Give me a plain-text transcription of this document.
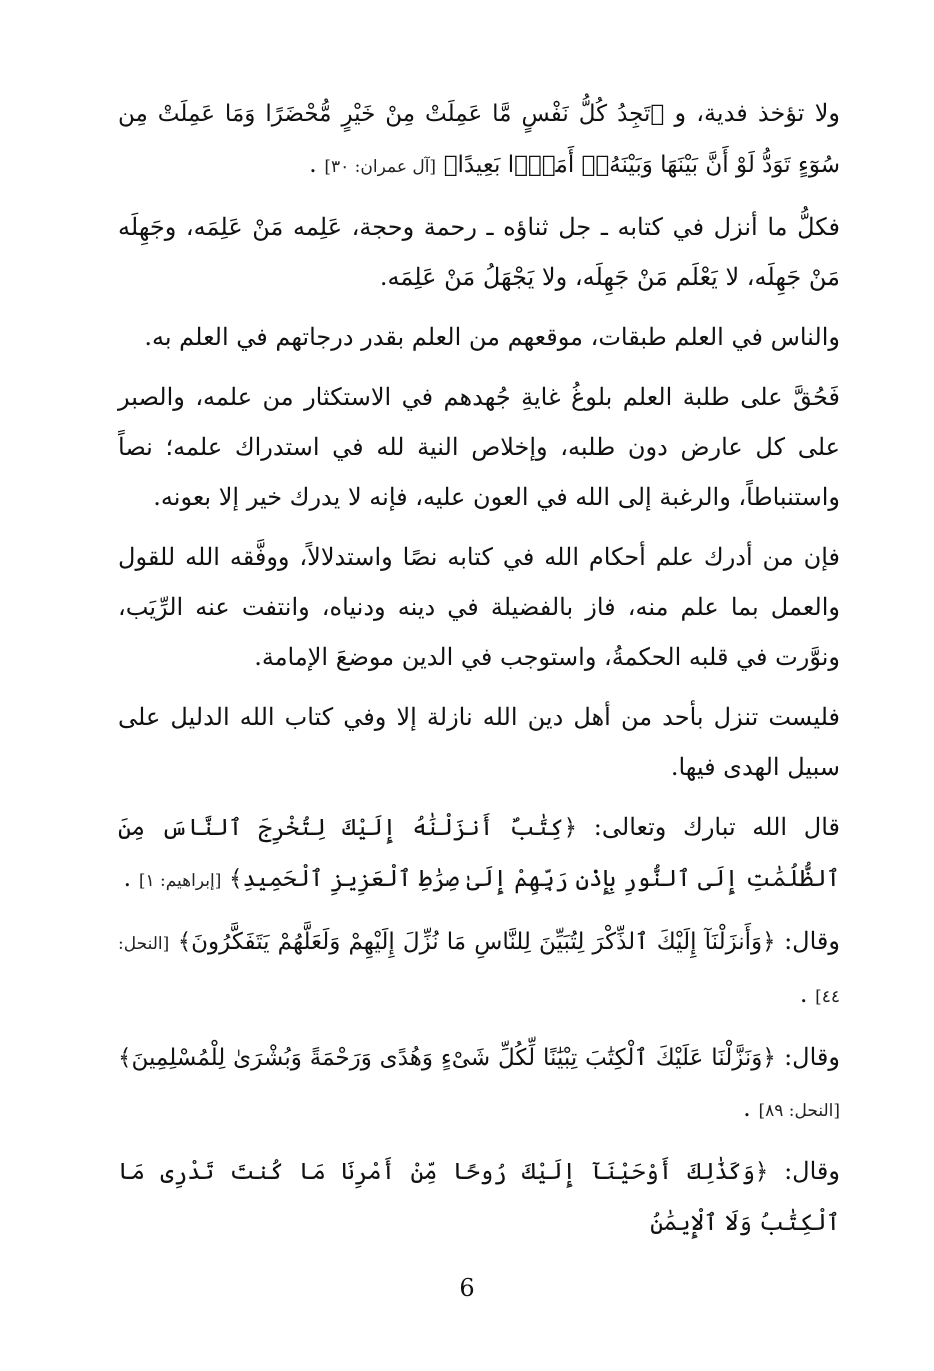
ولا تؤخذ فدية، و ﴿تَجِدُ كُلُّ نَفْسٍ مَّا عَمِلَتْ مِنْ خَيْرٍ مُّحْضَرًا وَمَا عَمِلَتْ مِن سُوٓءٍ تَوَدُّ لَوْ أَنَّ بَيْنَهَا وَبَيْنَهُۥٓ أَمَدًۢا بَعِيدًا﴾ [آل عمران: ٣٠] .

فكلُّ ما أنزل في كتابه ـ جل ثناؤه ـ رحمة وحجة، عَلِمه مَنْ عَلِمَه، وجَهِلَه مَنْ جَهِلَه، لا يَعْلَم مَنْ جَهِلَه، ولا يَجْهَلُ مَنْ عَلِمَه.

والناس في العلم طبقات، موقعهم من العلم بقدر درجاتهم في العلم به.

فَحُقَّ على طلبة العلم بلوغُ غايةِ جُهدهم في الاستكثار من علمه، والصبر على كل عارض دون طلبه، وإخلاص النية لله في استدراك علمه؛ نصاً واستنباطاً، والرغبة إلى الله في العون عليه، فإنه لا يدرك خير إلا بعونه.

فإن من أدرك علم أحكام الله في كتابه نصًا واستدلالاً، ووفَّقه الله للقول والعمل بما علم منه، فاز بالفضيلة في دينه ودنياه، وانتفت عنه الرِّيَب، ونوَّرت في قلبه الحكمةُ، واستوجب في الدين موضعَ الإمامة.

فليست تنزل بأحد من أهل دين الله نازلة إلا وفي كتاب الله الدليل على سبيل الهدى فيها.

قال الله تبارك وتعالى: ﴿كِتَٰبٌ أَنزَلْنَٰهُ إِلَيْكَ لِتُخْرِجَ ٱلنَّاسَ مِنَ ٱلظُّلُمَٰتِ إِلَى ٱلنُّورِ بِإِذْنِ رَبِّهِمْ إِلَىٰ صِرَٰطِ ٱلْعَزِيزِ ٱلْحَمِيدِ﴾ [إبراهيم: ١] .

وقال: ﴿وَأَنزَلْنَآ إِلَيْكَ ٱلذِّكْرَ لِتُبَيِّنَ لِلنَّاسِ مَا نُزِّلَ إِلَيْهِمْ وَلَعَلَّهُمْ يَتَفَكَّرُونَ﴾ [النحل: ٤٤] .

وقال: ﴿وَنَزَّلْنَا عَلَيْكَ ٱلْكِتَٰبَ تِبْيَٰنًا لِّكُلِّ شَىْءٍ وَهُدًى وَرَحْمَةً وَبُشْرَىٰ لِلْمُسْلِمِينَ﴾ [النحل: ٨٩] .

وقال: ﴿وَكَذَٰلِكَ أَوْحَيْنَآ إِلَيْكَ رُوحًا مِّنْ أَمْرِنَا مَا كُنتَ تَدْرِى مَا ٱلْكِتَٰبُ وَلَا ٱلْإِيمَٰنُ

6
